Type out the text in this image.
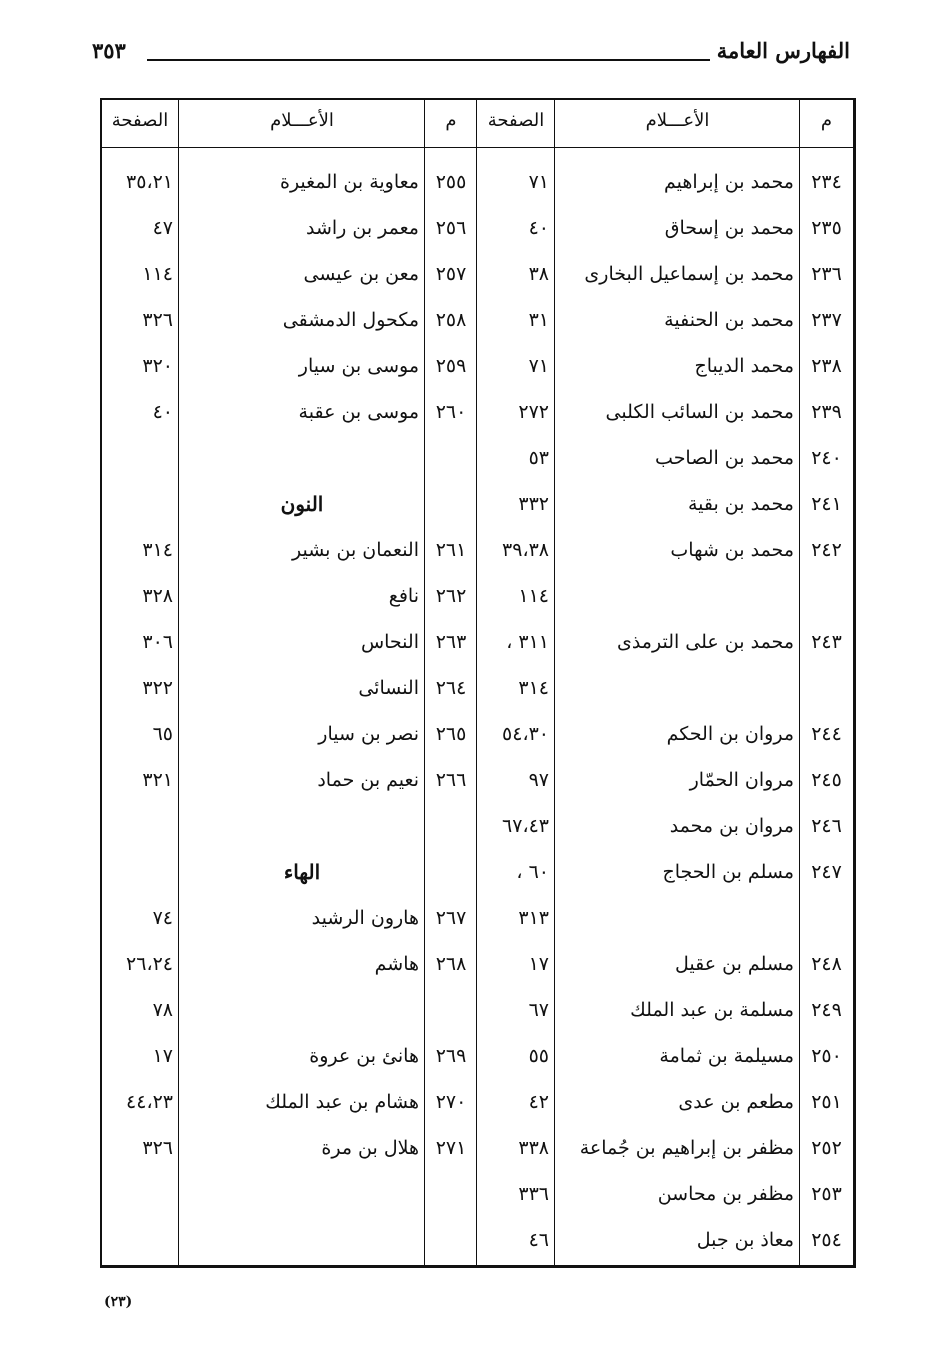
الفهارس العامة
٣٥٣
م
الأعـــلام
الصفحة
م
الأعـــلام
الصفحة
٢٣٤
محمد بن إبراهيم
٧١
٢٣٥
محمد بن إسحاق
٤٠
٢٣٦
محمد بن إسماعيل البخارى
٣٨
٢٣٧
محمد بن الحنفية
٣١
٢٣٨
محمد الديباج
٧١
٢٣٩
محمد بن السائب الكلبى
٢٧٢
٢٤٠
محمد بن الصاحب
٥٣
٢٤١
محمد بن بقية
٣٣٢
٢٤٢
محمد بن شهاب
٣٩،٣٨
١١٤
٢٤٣
محمد بن على الترمذى
٣١١ ،
٣١٤
٢٤٤
مروان بن الحكم
٥٤،٣٠
٢٤٥
مروان الحمّار
٩٧
٢٤٦
مروان بن محمد
٦٧،٤٣
٢٤٧
مسلم بن الحجاج
٦٠ ،
٣١٣
٢٤٨
مسلم بن عقيل
١٧
٢٤٩
مسلمة بن عبد الملك
٦٧
٢٥٠
مسيلمة بن ثمامة
٥٥
٢٥١
مطعم بن عدى
٤٢
٢٥٢
مظفر بن إبراهيم بن جُماعة
٣٣٨
٢٥٣
مظفر بن محاسن
٣٣٦
٢٥٤
معاذ بن جبل
٤٦
٢٥٥
معاوية بن المغيرة
٣٥،٢١
٢٥٦
معمر بن راشد
٤٧
٢٥٧
معن بن عيسى
١١٤
٢٥٨
مكحول الدمشقى
٣٢٦
٢٥٩
موسى بن سيار
٣٢٠
٢٦٠
موسى بن عقبة
٤٠
النون
٢٦١
النعمان بن بشير
٣١٤
٢٦٢
نافع
٣٢٨
٢٦٣
النحاس
٣٠٦
٢٦٤
النسائى
٣٢٢
٢٦٥
نصر بن سيار
٦٥
٢٦٦
نعيم بن حماد
٣٢١
الهاء
٢٦٧
هارون الرشيد
٧٤
٢٦٨
هاشم
٢٦،٢٤
٧٨
٢٦٩
هانئ بن عروة
١٧
٢٧٠
هشام بن عبد الملك
٤٤،٢٣
٢٧١
هلال بن مرة
٣٢٦
(٢٣)
